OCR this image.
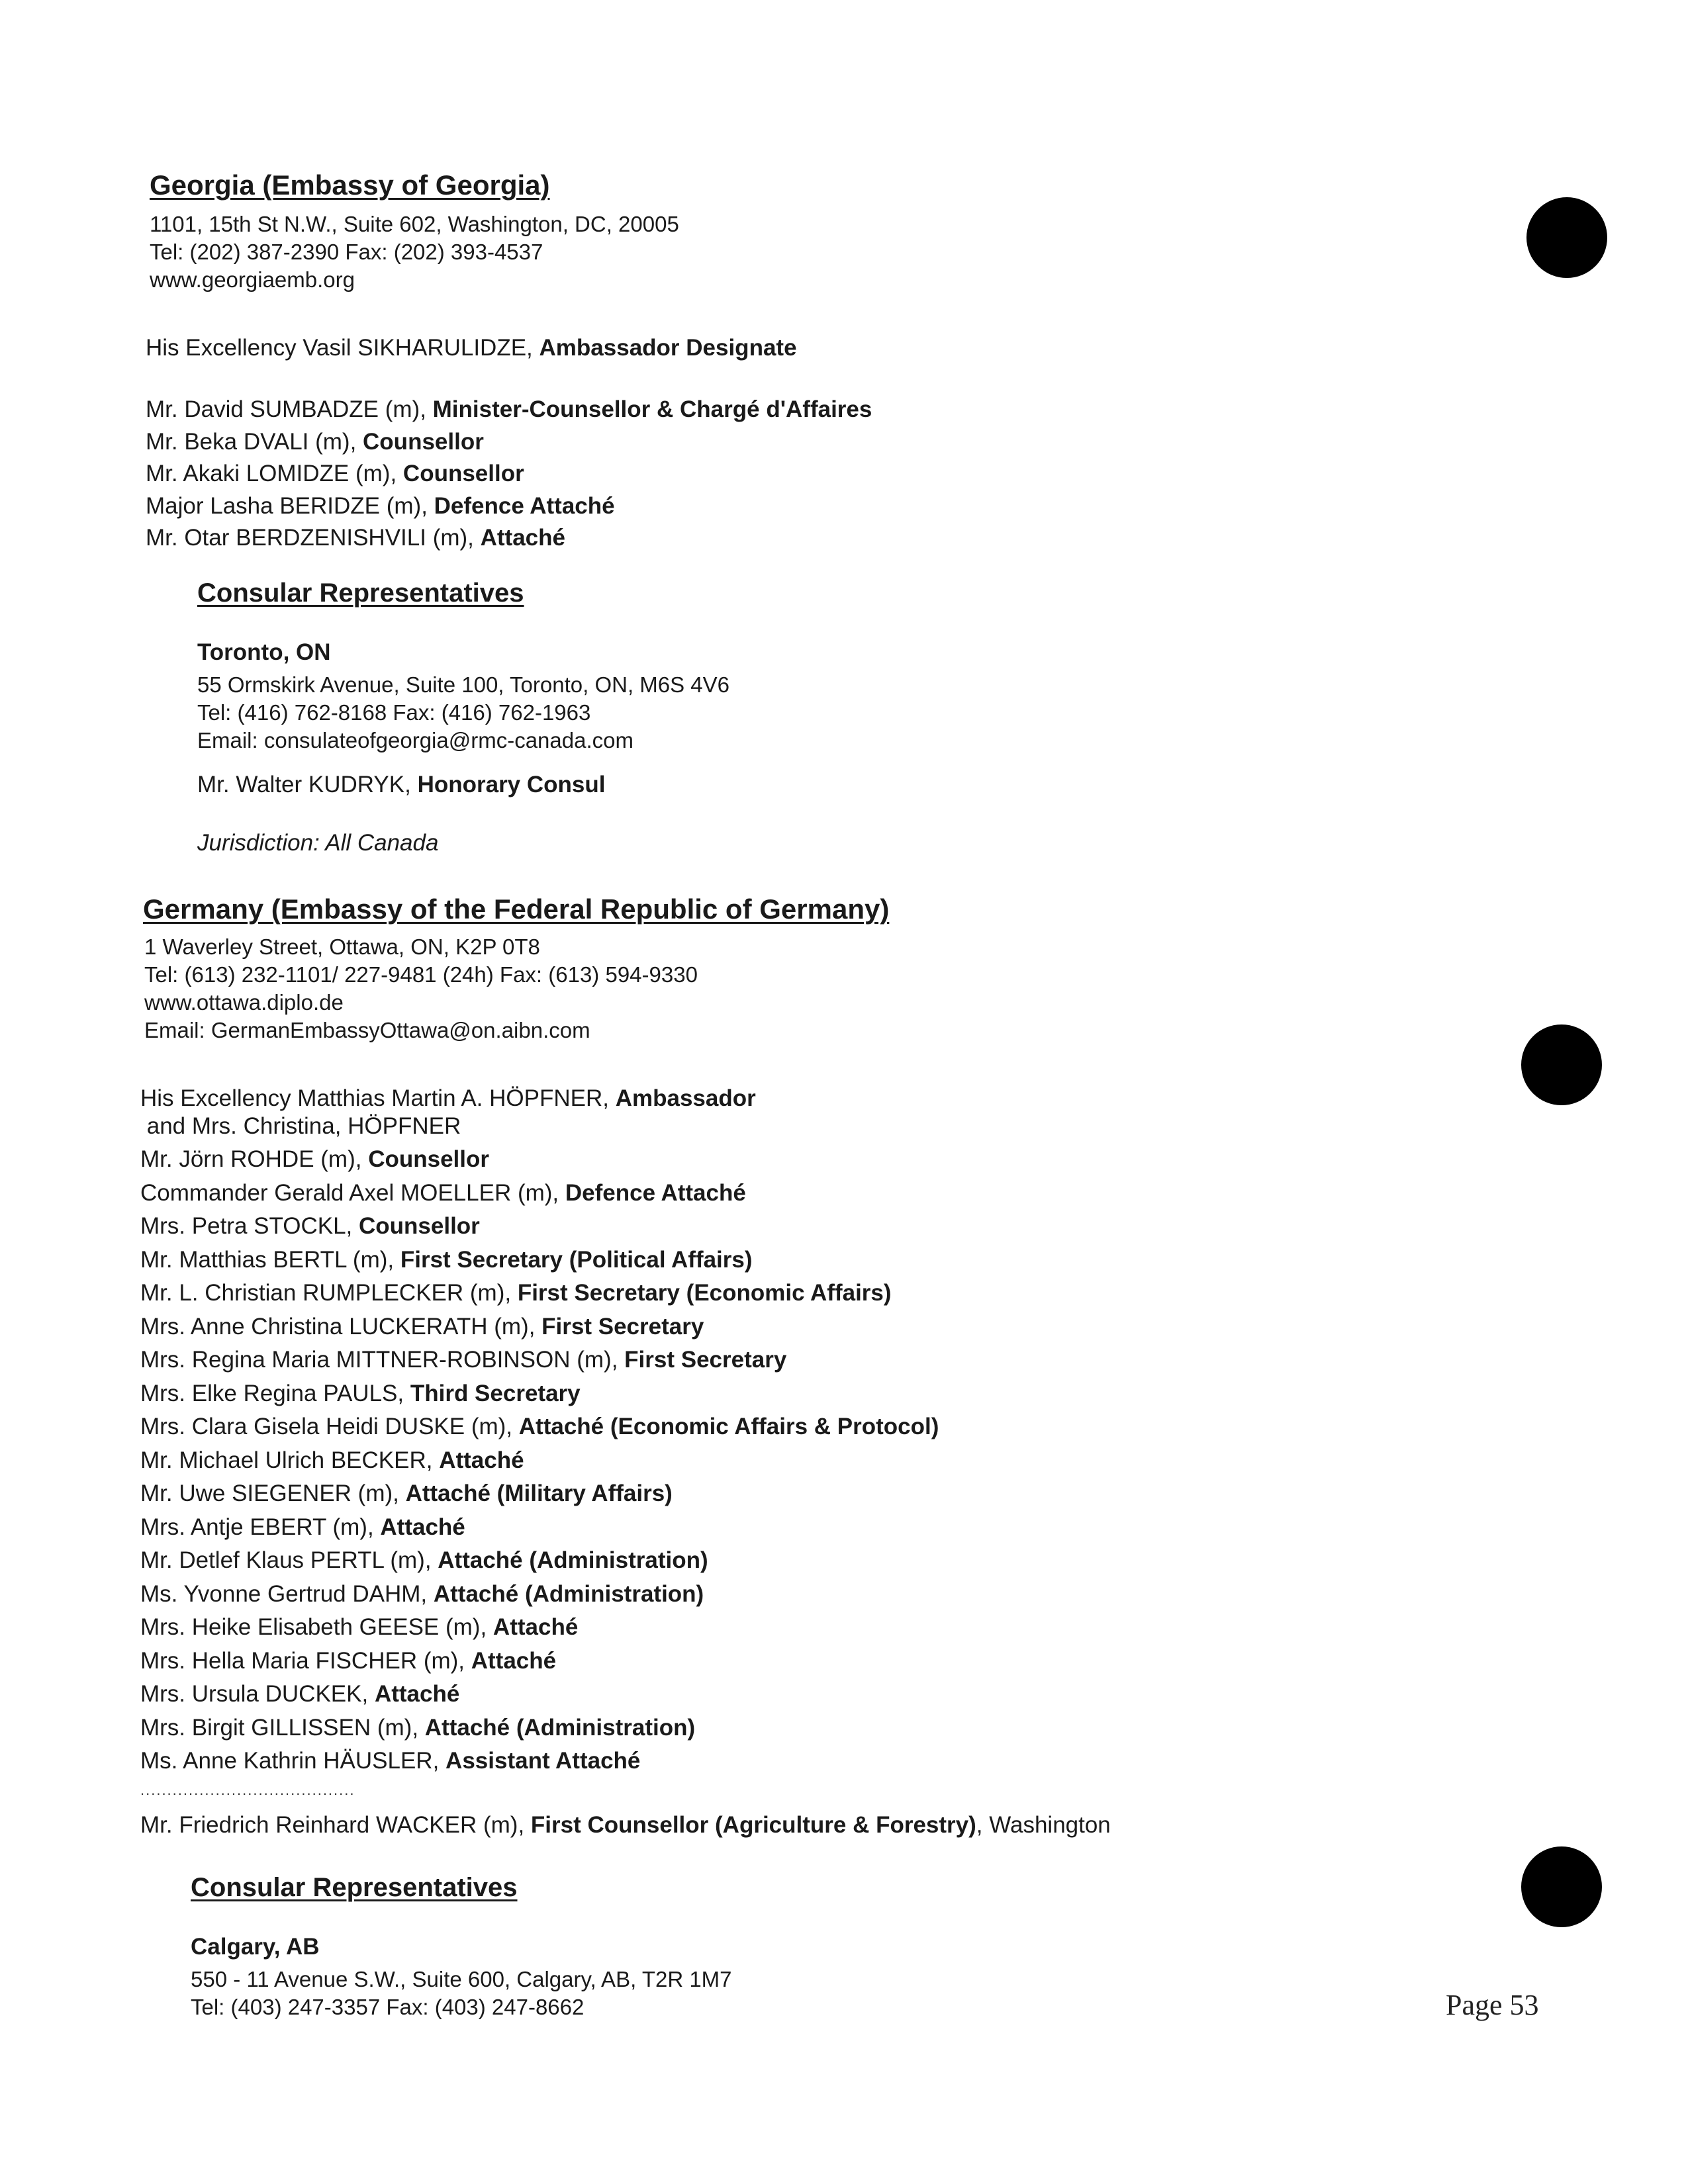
Georgia (Embassy of Georgia)
1101, 15th St N.W., Suite 602, Washington, DC, 20005
Tel: (202) 387-2390 Fax: (202) 393-4537
www.georgiaemb.org
His Excellency Vasil SIKHARULIDZE, Ambassador Designate
Mr. David SUMBADZE (m), Minister-Counsellor & Chargé d'Affaires
Mr. Beka DVALI (m), Counsellor
Mr. Akaki LOMIDZE (m), Counsellor
Major Lasha BERIDZE (m), Defence Attaché
Mr. Otar BERDZENISHVILI (m), Attaché
Consular Representatives
Toronto, ON
55 Ormskirk Avenue, Suite 100, Toronto, ON, M6S 4V6
Tel: (416) 762-8168 Fax: (416) 762-1963
Email: consulateofgeorgia@rmc-canada.com
Mr. Walter KUDRYK, Honorary Consul
Jurisdiction: All Canada
Germany (Embassy of the Federal Republic of Germany)
1 Waverley Street, Ottawa, ON, K2P 0T8
Tel: (613) 232-1101/ 227-9481 (24h) Fax: (613) 594-9330
www.ottawa.diplo.de
Email: GermanEmbassyOttawa@on.aibn.com
His Excellency Matthias Martin A. HÖPFNER, Ambassador
and Mrs. Christina, HÖPFNER
Mr. Jörn ROHDE (m), Counsellor
Commander Gerald Axel MOELLER (m), Defence Attaché
Mrs. Petra STOCKL, Counsellor
Mr. Matthias BERTL (m), First Secretary (Political Affairs)
Mr. L. Christian RUMPLECKER (m), First Secretary (Economic Affairs)
Mrs. Anne Christina LUCKERATH (m), First Secretary
Mrs. Regina Maria MITTNER-ROBINSON (m), First Secretary
Mrs. Elke Regina PAULS, Third Secretary
Mrs. Clara Gisela Heidi DUSKE (m), Attaché (Economic Affairs & Protocol)
Mr. Michael Ulrich BECKER, Attaché
Mr. Uwe SIEGENER (m), Attaché (Military Affairs)
Mrs. Antje EBERT (m), Attaché
Mr. Detlef Klaus PERTL (m), Attaché (Administration)
Ms. Yvonne Gertrud DAHM, Attaché (Administration)
Mrs. Heike Elisabeth GEESE (m), Attaché
Mrs. Hella Maria FISCHER (m), Attaché
Mrs. Ursula DUCKEK, Attaché
Mrs. Birgit GILLISSEN (m), Attaché (Administration)
Ms. Anne Kathrin HÄUSLER, Assistant Attaché
........................................
Mr. Friedrich Reinhard WACKER (m), First Counsellor (Agriculture & Forestry), Washington
Consular Representatives
Calgary, AB
550 - 11 Avenue S.W., Suite 600, Calgary, AB, T2R 1M7
Tel: (403) 247-3357 Fax: (403) 247-8662	Page 53
